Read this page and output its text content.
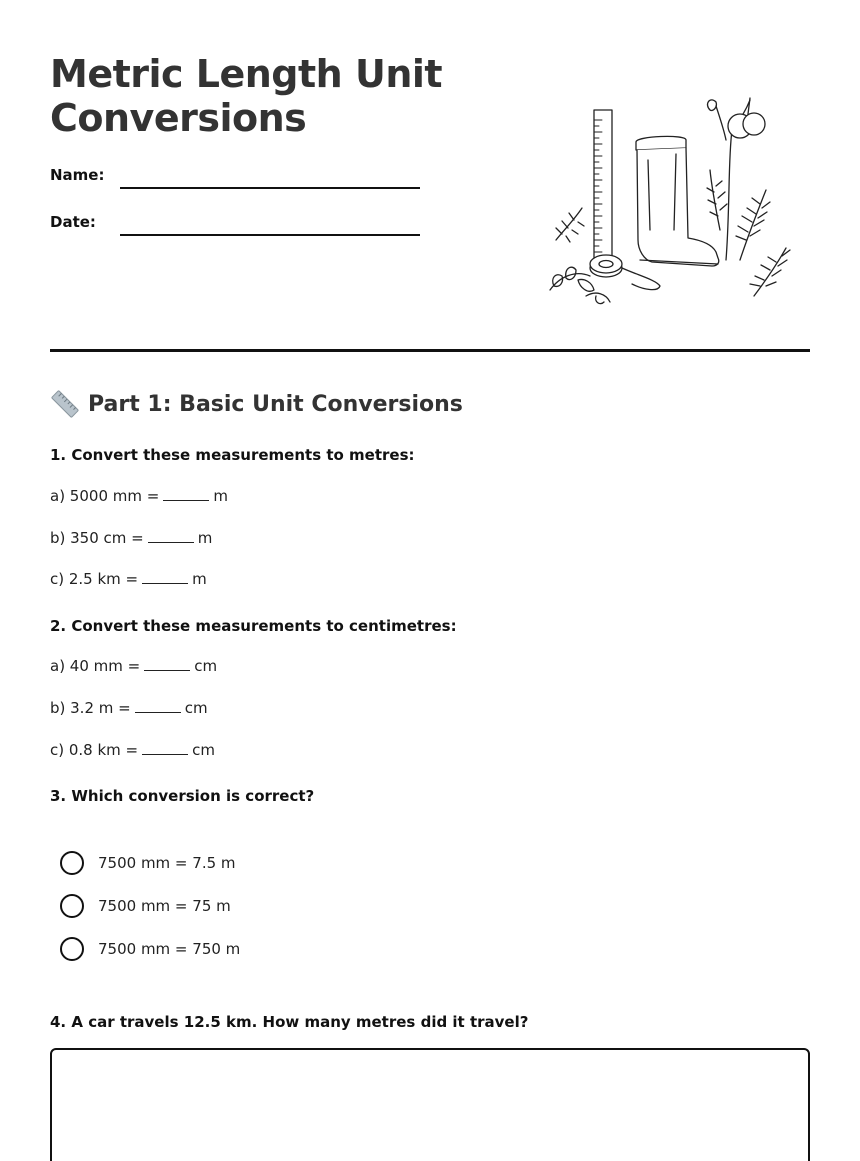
Metric Length Unit Conversions
Name:
Date:
Part 1: Basic Unit Conversions
1. Convert these measurements to metres:
a) 5000 mm =	m
b) 350 cm =	m
c) 2.5 km =	m
2. Convert these measurements to centimetres:
a) 40 mm =	cm
b) 3.2 m =	cm
c) 0.8 km =	cm
3. Which conversion is correct?
7500 mm = 7.5 m
7500 mm = 75 m
7500 mm = 750 m
4. A car travels 12.5 km. How many metres did it travel?
